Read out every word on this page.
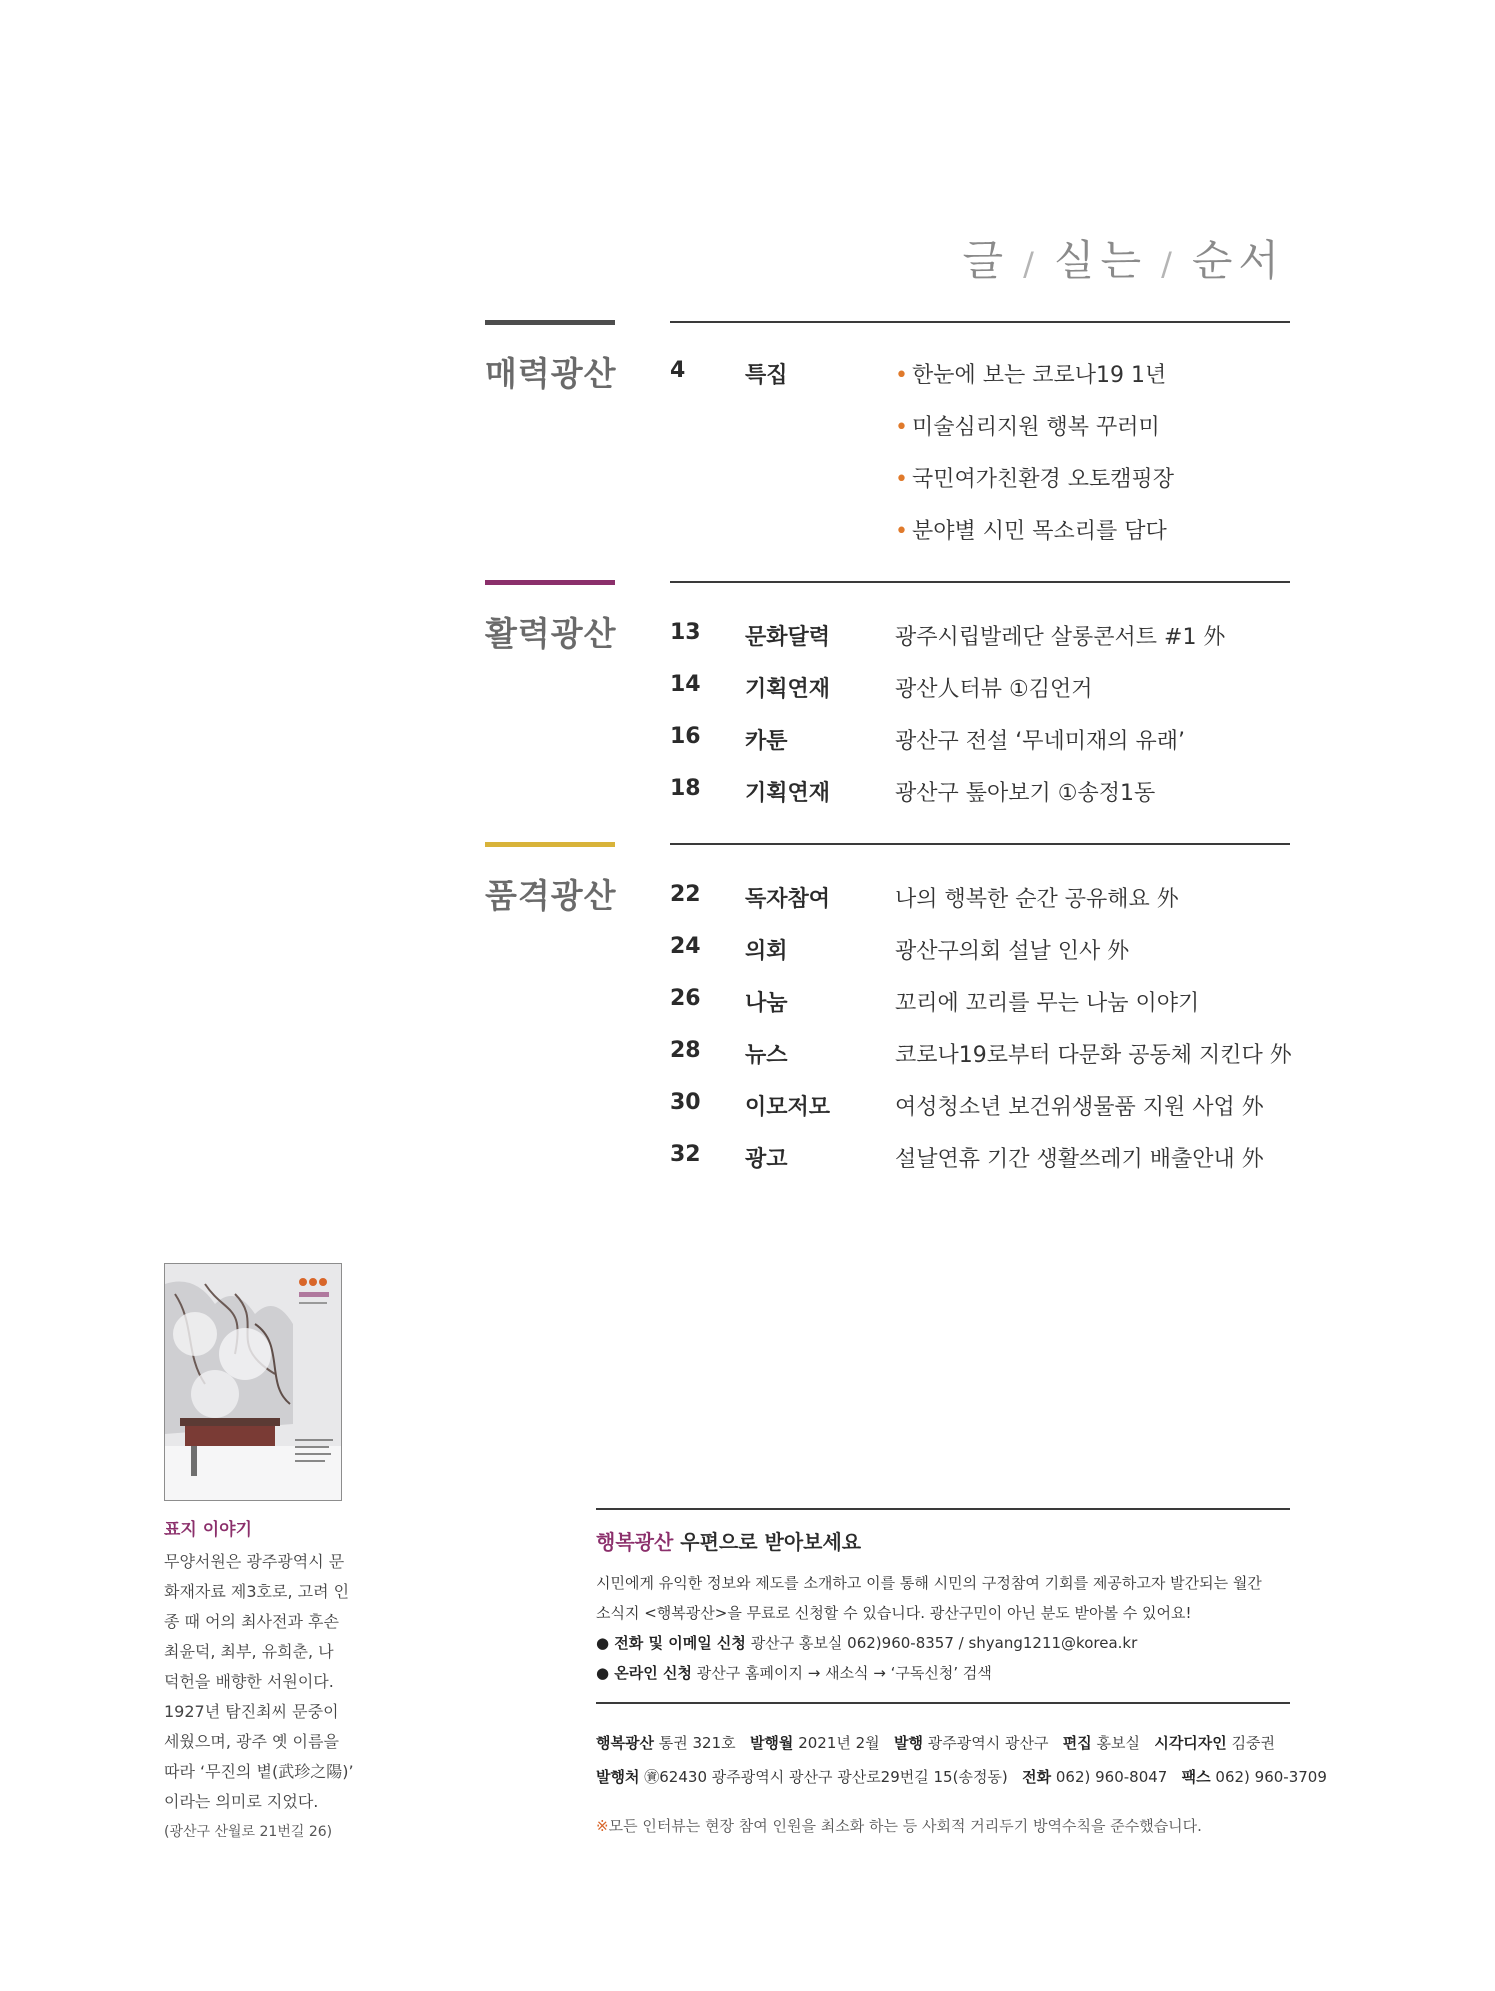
글 / 실는 / 순서
매력광산 4	특집	• 한눈에 보는 코로나19 1년
• 미술심리지원 행복 꾸러미
• 국민여가친환경 오토캠핑장
• 분야별 시민 목소리를 담다
활력광산 13 문화달력	광주시립발레단 살롱콘서트 #1 外
14 기획연재	광산人터뷰 ①김언거
16 카툰	광산구 전설 ‘무네미재의 유래’
18 기획연재	광산구 톺아보기 ①송정1동
품격광산 22 독자참여	나의 행복한 순간 공유해요 外
24 의회	광산구의회 설날 인사 外
26 나눔	꼬리에 꼬리를 무는 나눔 이야기
28 뉴스	코로나19로부터 다문화 공동체 지킨다 外
30 이모저모	여성청소년 보건위생물품 지원 사업 外
32 광고	설날연휴 기간 생활쓰레기 배출안내 外
표지 이야기
무양서원은 광주광역시 문
화재자료 제3호로, 고려 인
종 때 어의 최사전과 후손
최윤덕, 최부, 유희춘, 나
덕헌을 배향한 서원이다.
1927년 탐진최씨 문중이
세웠으며, 광주 옛 이름을
따라 ‘무진의 볕(武珍之陽)’
이라는 의미로 지었다.
(광산구 산월로 21번길 26)
행복광산 우편으로 받아보세요
시민에게 유익한 정보와 제도를 소개하고 이를 통해 시민의 구정참여 기회를 제공하고자 발간되는 월간
소식지 <행복광산>을 무료로 신청할 수 있습니다. 광산구민이 아닌 분도 받아볼 수 있어요!
● 전화 및 이메일 신청 광산구 홍보실 062)960-8357 / shyang1211@korea.kr
● 온라인 신청 광산구 홈페이지 → 새소식 → ‘구독신청’ 검색
행복광산 통권 321호 발행월 2021년 2월 발행 광주광역시 광산구 편집 홍보실 시각디자인 김중권
발행처 ㊮62430 광주광역시 광산구 광산로29번길 15(송정동) 전화 062) 960-8047 팩스 062) 960-3709
※모든 인터뷰는 현장 참여 인원을 최소화 하는 등 사회적 거리두기 방역수칙을 준수했습니다.
